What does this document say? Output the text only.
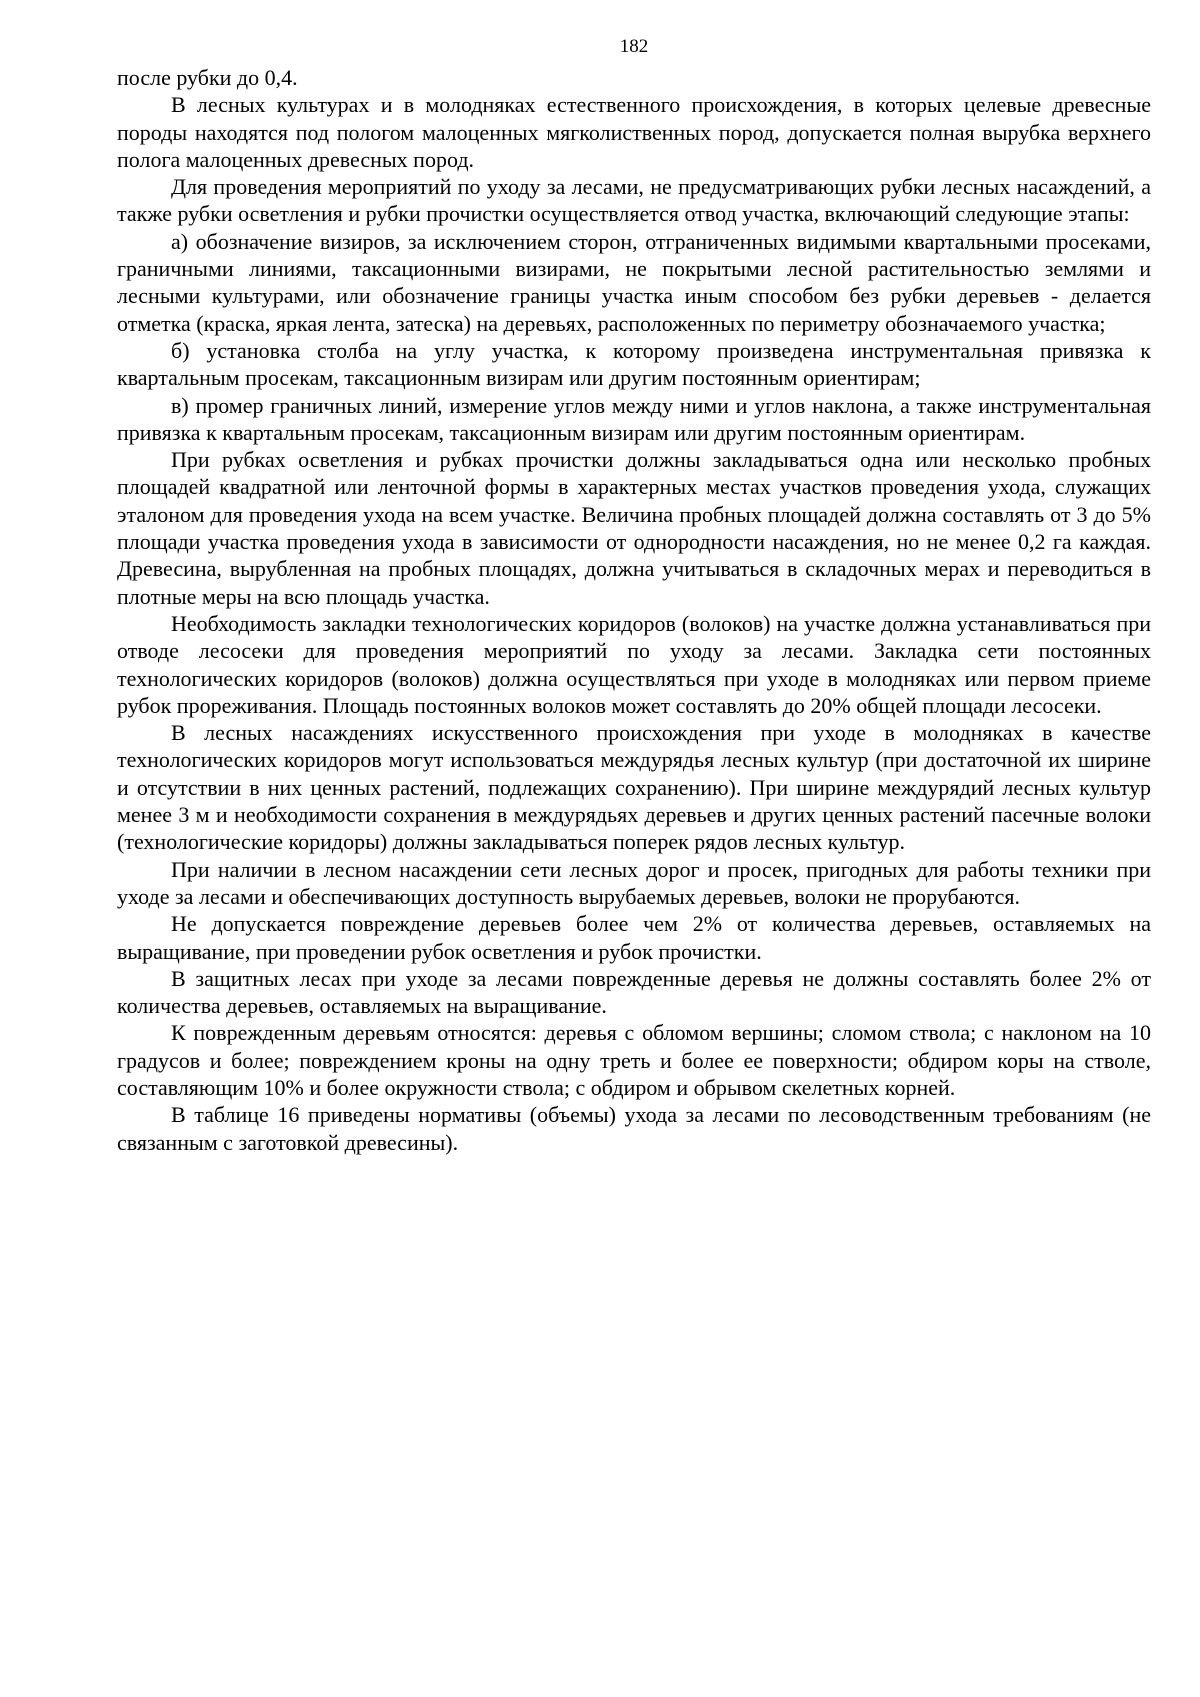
182

после рубки до 0,4.

В лесных культурах и в молодняках естественного происхождения, в которых целевые древесные породы находятся под пологом малоценных мягколиственных пород, допускается полная вырубка верхнего полога малоценных древесных пород.

Для проведения мероприятий по уходу за лесами, не предусматривающих рубки лесных насаждений, а также рубки осветления и рубки прочистки осуществляется отвод участка, включающий следующие этапы:

а) обозначение визиров, за исключением сторон, отграниченных видимыми квартальными просеками, граничными линиями, таксационными визирами, не покрытыми лесной растительностью землями и лесными культурами, или обозначение границы участка иным способом без рубки деревьев - делается отметка (краска, яркая лента, затеска) на деревьях, расположенных по периметру обозначаемого участка;

б) установка столба на углу участка, к которому произведена инструментальная привязка к квартальным просекам, таксационным визирам или другим постоянным ориентирам;

в) промер граничных линий, измерение углов между ними и углов наклона, а также инструментальная привязка к квартальным просекам, таксационным визирам или другим постоянным ориентирам.

При рубках осветления и рубках прочистки должны закладываться одна или несколько пробных площадей квадратной или ленточной формы в характерных местах участков проведения ухода, служащих эталоном для проведения ухода на всем участке. Величина пробных площадей должна составлять от 3 до 5% площади участка проведения ухода в зависимости от однородности насаждения, но не менее 0,2 га каждая. Древесина, вырубленная на пробных площадях, должна учитываться в складочных мерах и переводиться в плотные меры на всю площадь участка.

Необходимость закладки технологических коридоров (волоков) на участке должна устанавливаться при отводе лесосеки для проведения мероприятий по уходу за лесами. Закладка сети постоянных технологических коридоров (волоков) должна осуществляться при уходе в молодняках или первом приеме рубок прореживания. Площадь постоянных волоков может составлять до 20% общей площади лесосеки.

В лесных насаждениях искусственного происхождения при уходе в молодняках в качестве технологических коридоров могут использоваться междурядья лесных культур (при достаточной их ширине и отсутствии в них ценных растений, подлежащих сохранению). При ширине междурядий лесных культур менее 3 м и необходимости сохранения в междурядьях деревьев и других ценных растений пасечные волоки (технологические коридоры) должны закладываться поперек рядов лесных культур.

При наличии в лесном насаждении сети лесных дорог и просек, пригодных для работы техники при уходе за лесами и обеспечивающих доступность вырубаемых деревьев, волоки не прорубаются.

Не допускается повреждение деревьев более чем 2% от количества деревьев, оставляемых на выращивание, при проведении рубок осветления и рубок прочистки.

В защитных лесах при уходе за лесами поврежденные деревья не должны составлять более 2% от количества деревьев, оставляемых на выращивание.

К поврежденным деревьям относятся: деревья с обломом вершины; сломом ствола; с наклоном на 10 градусов и более; повреждением кроны на одну треть и более ее поверхности; обдиром коры на стволе, составляющим 10% и более окружности ствола; с обдиром и обрывом скелетных корней.

В таблице 16 приведены нормативы (объемы) ухода за лесами по лесоводственным требованиям (не связанным с заготовкой древесины).
